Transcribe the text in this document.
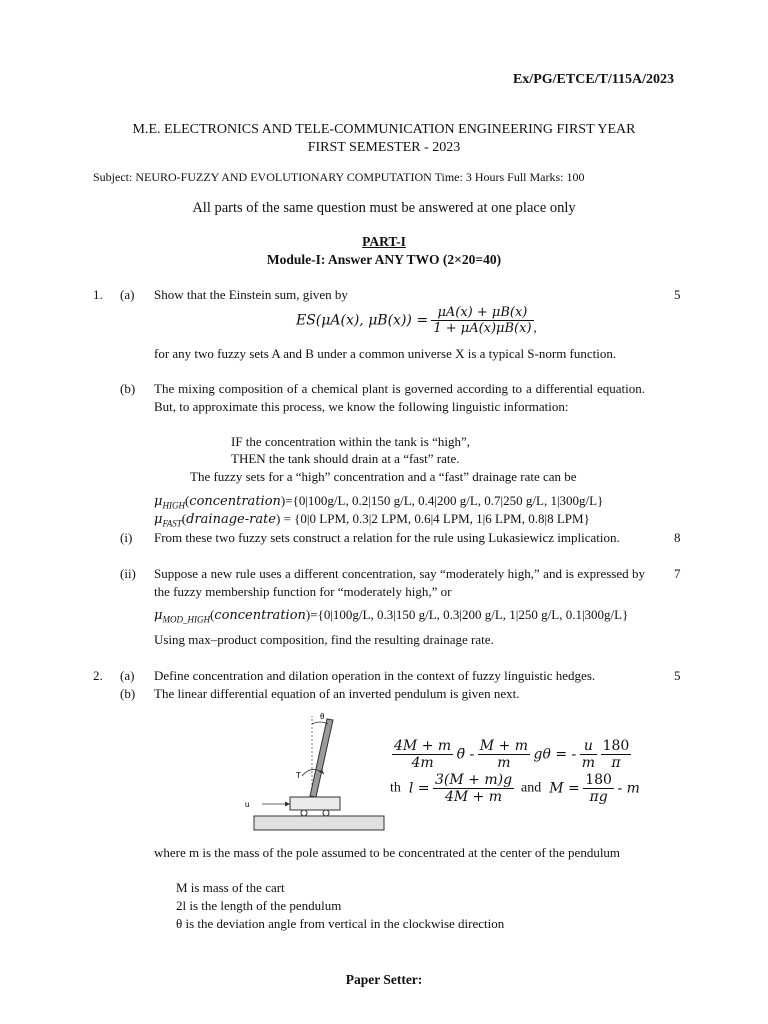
Ex/PG/ETCE/T/115A/2023
M.E. ELECTRONICS AND TELE-COMMUNICATION ENGINEERING FIRST YEAR
FIRST SEMESTER - 2023
Subject: NEURO-FUZZY AND EVOLUTIONARY COMPUTATION Time: 3 Hours Full Marks: 100
All parts of the same question must be answered at one place only
PART-I
Module-I: Answer ANY TWO (2×20=40)
1. (a) Show that the Einstein sum, given by	5
ES(μA(x), $\mu B(x)) = \frac{\mu A(x) + \mu B(x)}{1 + \mu A(x)\mu B(x)}$ ,
for any two fuzzy sets A and B under a common universe X is a typical S-norm function.
(b) The mixing composition of a chemical plant is governed according to a differential equation. But, to approximate this process, we know the following linguistic information:
IF the concentration within the tank is “high”,
THEN the tank should drain at a “fast” rate.
The fuzzy sets for a “high” concentration and a “fast” drainage rate can be
$\mu_{HIGH}(concentration)=\{0|100g/L$, 0.2|150 g/L, 0.4|200 g/L, 0.7|250 g/L, 1|300g/L}
$\mu_{FAST}(drainage-rate) = \{0|0$ LPM, 0.3|2 LPM, 0.6|4 LPM, 1|6 LPM, 0.8|8 LPM}
(i) From these two fuzzy sets construct a relation for the rule using Lukasiewicz implication.	8
(ii) Suppose a new rule uses a different concentration, say “moderately high,” and is expressed by the fuzzy membership function for “moderately high,” or
7
$\mu_{MOD\_HIGH}(concentration)=\{0|100g/L$, 0.3|150 g/L, 0.3|200 g/L, 1|250 g/L, 0.1|300g/L}
Using max–product composition, find the resulting drainage rate.
2. (a) Define concentration and dilation operation in the context of fuzzy linguistic hedges.	5
(b) The linear differential equation of an inverted pendulum is given next.
θ
T
u
$\frac{4M + m}{4m}$ θ̈ - $\frac{M + m}{m}$ gθ = - $\frac{u}{m}$
$\frac{180}{\pi}$
th  $l = \frac{3(M + m)g}{4M + m}$ and  $M = \frac{180}{\pi g} - m$
where m is the mass of the pole assumed to be concentrated at the center of the pendulum
M is mass of the cart
2l is the length of the pendulum
θ is the deviation angle from vertical in the clockwise direction
Paper Setter:
